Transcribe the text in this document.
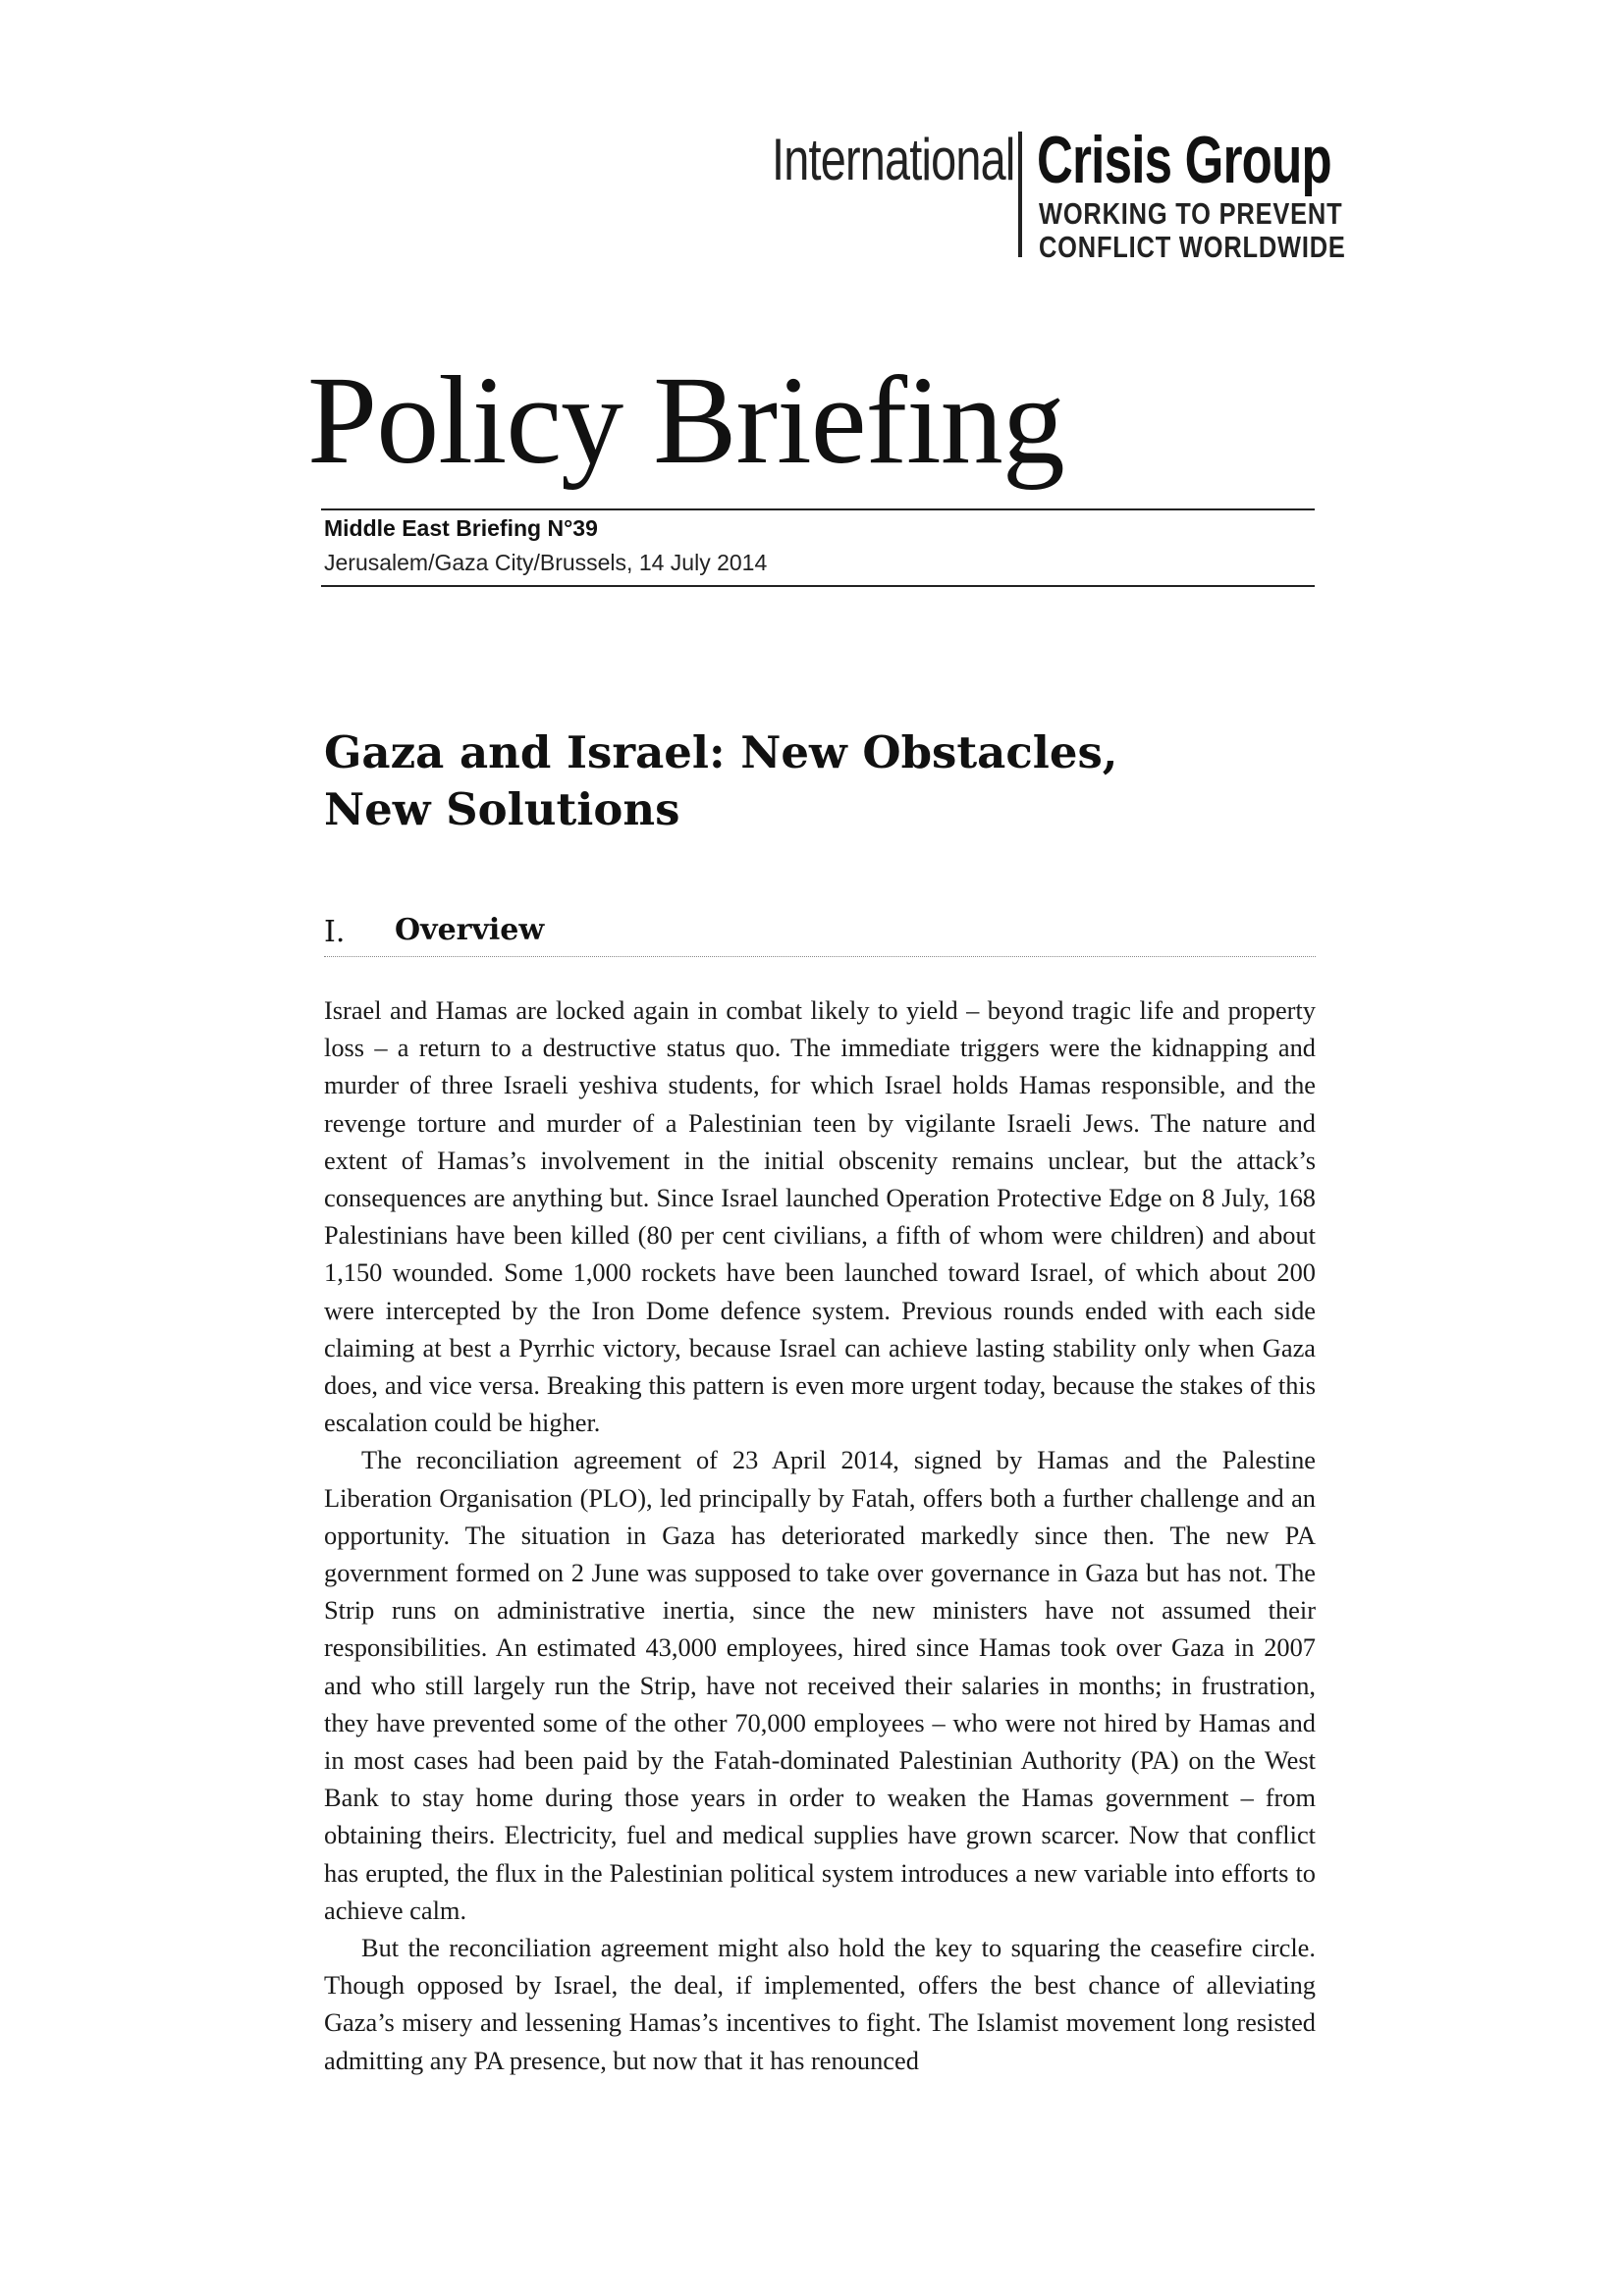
International Crisis Group
WORKING TO PREVENT
CONFLICT WORLDWIDE
Policy Briefing
Middle East Briefing N°39
Jerusalem/Gaza City/Brussels, 14 July 2014
Gaza and Israel: New Obstacles,
New Solutions
I. Overview

Israel and Hamas are locked again in combat likely to yield – beyond tragic life and property loss – a return to a destructive status quo. The immediate triggers were the kidnapping and murder of three Israeli yeshiva students, for which Israel holds Hamas responsible, and the revenge torture and murder of a Palestinian teen by vigilante Israeli Jews. The nature and extent of Hamas’s involvement in the initial obscenity remains unclear, but the attack’s consequences are anything but. Since Israel launched Operation Protective Edge on 8 July, 168 Palestinians have been killed (80 per cent civilians, a fifth of whom were children) and about 1,150 wounded. Some 1,000 rockets have been launched toward Israel, of which about 200 were intercepted by the Iron Dome defence system. Previous rounds ended with each side claiming at best a Pyrrhic victory, because Israel can achieve lasting stability only when Gaza does, and vice versa. Breaking this pattern is even more urgent today, because the stakes of this escalation could be higher.

The reconciliation agreement of 23 April 2014, signed by Hamas and the Palestine Liberation Organisation (PLO), led principally by Fatah, offers both a further challenge and an opportunity. The situation in Gaza has deteriorated markedly since then. The new PA government formed on 2 June was supposed to take over governance in Gaza but has not. The Strip runs on administrative inertia, since the new ministers have not assumed their responsibilities. An estimated 43,000 employees, hired since Hamas took over Gaza in 2007 and who still largely run the Strip, have not received their salaries in months; in frustration, they have prevented some of the other 70,000 employees – who were not hired by Hamas and in most cases had been paid by the Fatah-dominated Palestinian Authority (PA) on the West Bank to stay home during those years in order to weaken the Hamas government – from obtaining theirs. Electricity, fuel and medical supplies have grown scarcer. Now that conflict has erupted, the flux in the Palestinian political system introduces a new variable into efforts to achieve calm.

But the reconciliation agreement might also hold the key to squaring the ceasefire circle. Though opposed by Israel, the deal, if implemented, offers the best chance of alleviating Gaza’s misery and lessening Hamas’s incentives to fight. The Islamist movement long resisted admitting any PA presence, but now that it has renounced
